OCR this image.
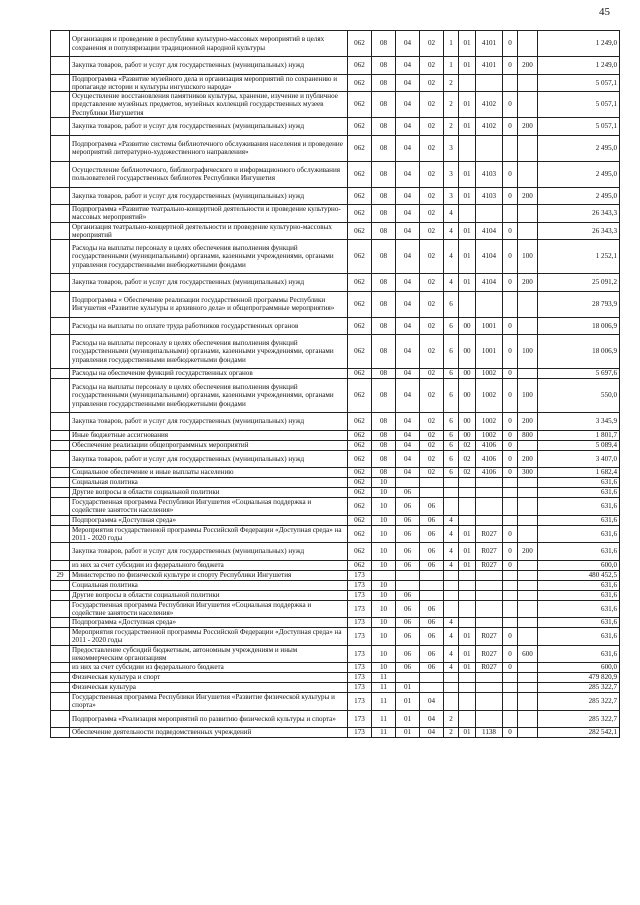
45
	Организация и проведение в республике культурно-массовых мероприятий в целях сохранения и популяризации традиционной народной культуры	062	08	04	02	1	01	4101	0		1 249,0
	Закупка товаров, работ и услуг для государственных (муниципальных) нужд	062	08	04	02	1	01	4101	0	200	1 249,0
	Подпрограмма «Развитие музейного дела и организация мероприятий по сохранению и пропаганде истории и культуры ингушского народа»	062	08	04	02	2					5 057,1
	Осуществление восстановления памятников культуры, хранение, изучение и публичное представление музейных предметов, музейных коллекций государственных музеев Республики Ингушетия	062	08	04	02	2	01	4102	0		5 057,1
	Закупка товаров, работ и услуг для государственных (муниципальных) нужд	062	08	04	02	2	01	4102	0	200	5 057,1
	Подпрограмма «Развитие системы библиотечного обслуживания населения и проведение мероприятий литературно-художественного направления»	062	08	04	02	3					2 495,0
	Осуществление библиотечного, библиографического и информационного обслуживания пользователей государственных библиотек Республики Ингушетия	062	08	04	02	3	01	4103	0		2 495,0
	Закупка товаров, работ и услуг для государственных (муниципальных) нужд	062	08	04	02	3	01	4103	0	200	2 495,0
	Подпрограмма «Развитие театрально-концертной деятельности и проведение культурно-массовых мероприятий»	062	08	04	02	4					26 343,3
	Организация театрально-концертной деятельности и проведение культурно-массовых мероприятий	062	08	04	02	4	01	4104	0		26 343,3
	Расходы на выплаты персоналу в целях обеспечения выполнения функций государственными (муниципальными) органами, казенными учреждениями, органами управления государственными внебюджетными фондами	062	08	04	02	4	01	4104	0	100	1 252,1
	Закупка товаров, работ и услуг для государственных (муниципальных) нужд	062	08	04	02	4	01	4104	0	200	25 091,2
	Подпрограмма « Обеспечение реализации государственной программы Республики Ингушетия «Развитие культуры и архивного дела» и общепрограммные мероприятия»	062	08	04	02	6					28 793,9
	Расходы на выплаты по оплате труда работников государственных органов	062	08	04	02	6	00	1001	0		18 006,9
	Расходы на выплаты персоналу в целях обеспечения выполнения функций государственными (муниципальными) органами, казенными учреждениями, органами управления государственными внебюджетными фондами	062	08	04	02	6	00	1001	0	100	18 006,9
	Расходы на обеспечение функций государственных органов	062	08	04	02	6	00	1002	0		5 697,6
	Расходы на выплаты персоналу в целях обеспечения выполнения функций государственными (муниципальными) органами, казенными учреждениями, органами управления государственными внебюджетными фондами	062	08	04	02	6	00	1002	0	100	550,0
	Закупка товаров, работ и услуг для государственных (муниципальных) нужд	062	08	04	02	6	00	1002	0	200	3 345,9
	Иные бюджетные ассигнования	062	08	04	02	6	00	1002	0	800	1 801,7
	Обеспечение реализации общепрограммных мероприятий	062	08	04	02	6	02	4106	0		5 089,4
	Закупка товаров, работ и услуг для государственных (муниципальных) нужд	062	08	04	02	6	02	4106	0	200	3 407,0
	Социальное обеспечение и иные выплаты населению	062	08	04	02	6	02	4106	0	300	1 682,4
	Социальная политика	062	10								631,6
	Другие вопросы в области социальной политики	062	10	06							631,6
	Государственная программа Республики Ингушетия «Социальная поддержка и содействие занятости населения»	062	10	06	06						631,6
	Подпрограмма «Доступная среда»	062	10	06	06	4					631,6
	Мероприятия государственной программы Российской Федерации «Доступная среда» на 2011 - 2020 годы	062	10	06	06	4	01	R027	0		631,6
	Закупка товаров, работ и услуг для государственных (муниципальных) нужд	062	10	06	06	4	01	R027	0	200	631,6
	из них за счет субсидии из федерального бюджета	062	10	06	06	4	01	R027	0		600,0
29	Министерство по физической культуре и спорту Республики Ингушетия	173									480 452,5
	Социальная политика	173	10								631,6
	Другие вопросы в области социальной политики	173	10	06							631,6
	Государственная программа Республики Ингушетия «Социальная поддержка и содействие занятости населения»	173	10	06	06						631,6
	Подпрограмма «Доступная среда»	173	10	06	06	4					631,6
	Мероприятия государственной программы Российской Федерации «Доступная среда» на 2011 - 2020 годы	173	10	06	06	4	01	R027	0		631,6
	Предоставление субсидий бюджетным, автономным учреждениям и иным некоммерческим организациям	173	10	06	06	4	01	R027	0	600	631,6
	из них за счет субсидии из федерального бюджета	173	10	06	06	4	01	R027	0		600,0
	Физическая культура и спорт	173	11								479 820,9
	Физическая культура	173	11	01							285 322,7
	Государственная программа Республики Ингушетия «Развитие физической культуры и спорта»	173	11	01	04						285 322,7
	Подпрограмма «Реализация мероприятий по развитию физической культуры и спорта»	173	11	01	04	2					285 322,7
	Обеспечение деятельности подведомственных учреждений	173	11	01	04	2	01	1138	0		282 542,1
